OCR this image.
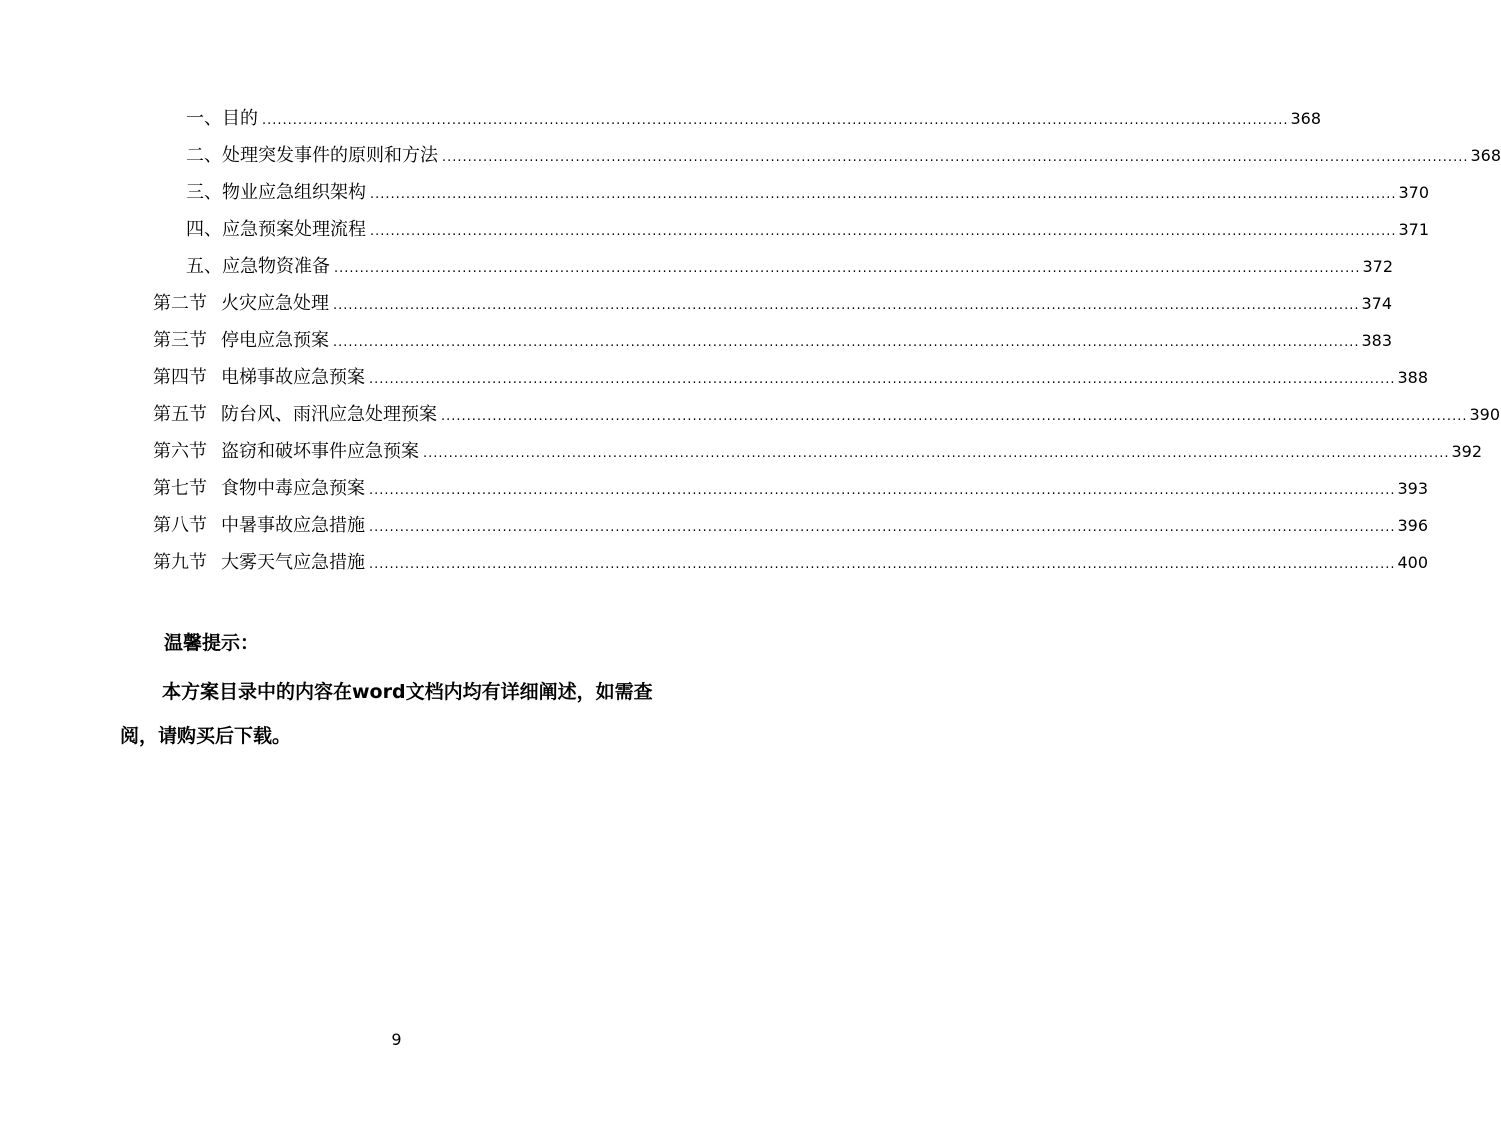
一、目的 ........................................................................................................................................................................................................ 368
二、处理突发事件的原则和方法 ........................................................................................................................................................................................................ 368
三、物业应急组织架构 ........................................................................................................................................................................................................ 370
四、应急预案处理流程 ........................................................................................................................................................................................................ 371
五、应急物资准备 ........................................................................................................................................................................................................ 372
第二节 火灾应急处理 ........................................................................................................................................................................................................ 374
第三节 停电应急预案 ........................................................................................................................................................................................................ 383
第四节 电梯事故应急预案 ........................................................................................................................................................................................................ 388
第五节 防台风、雨汛应急处理预案 ........................................................................................................................................................................................................ 390
第六节 盗窃和破坏事件应急预案 ........................................................................................................................................................................................................ 392
第七节 食物中毒应急预案 ........................................................................................................................................................................................................ 393
第八节 中暑事故应急措施 ........................................................................................................................................................................................................ 396
第九节 大雾天气应急措施 ........................................................................................................................................................................................................ 400
温馨提示：
本方案目录中的内容在word文档内均有详细阐述，如需查阅，请购买后下载。
9
